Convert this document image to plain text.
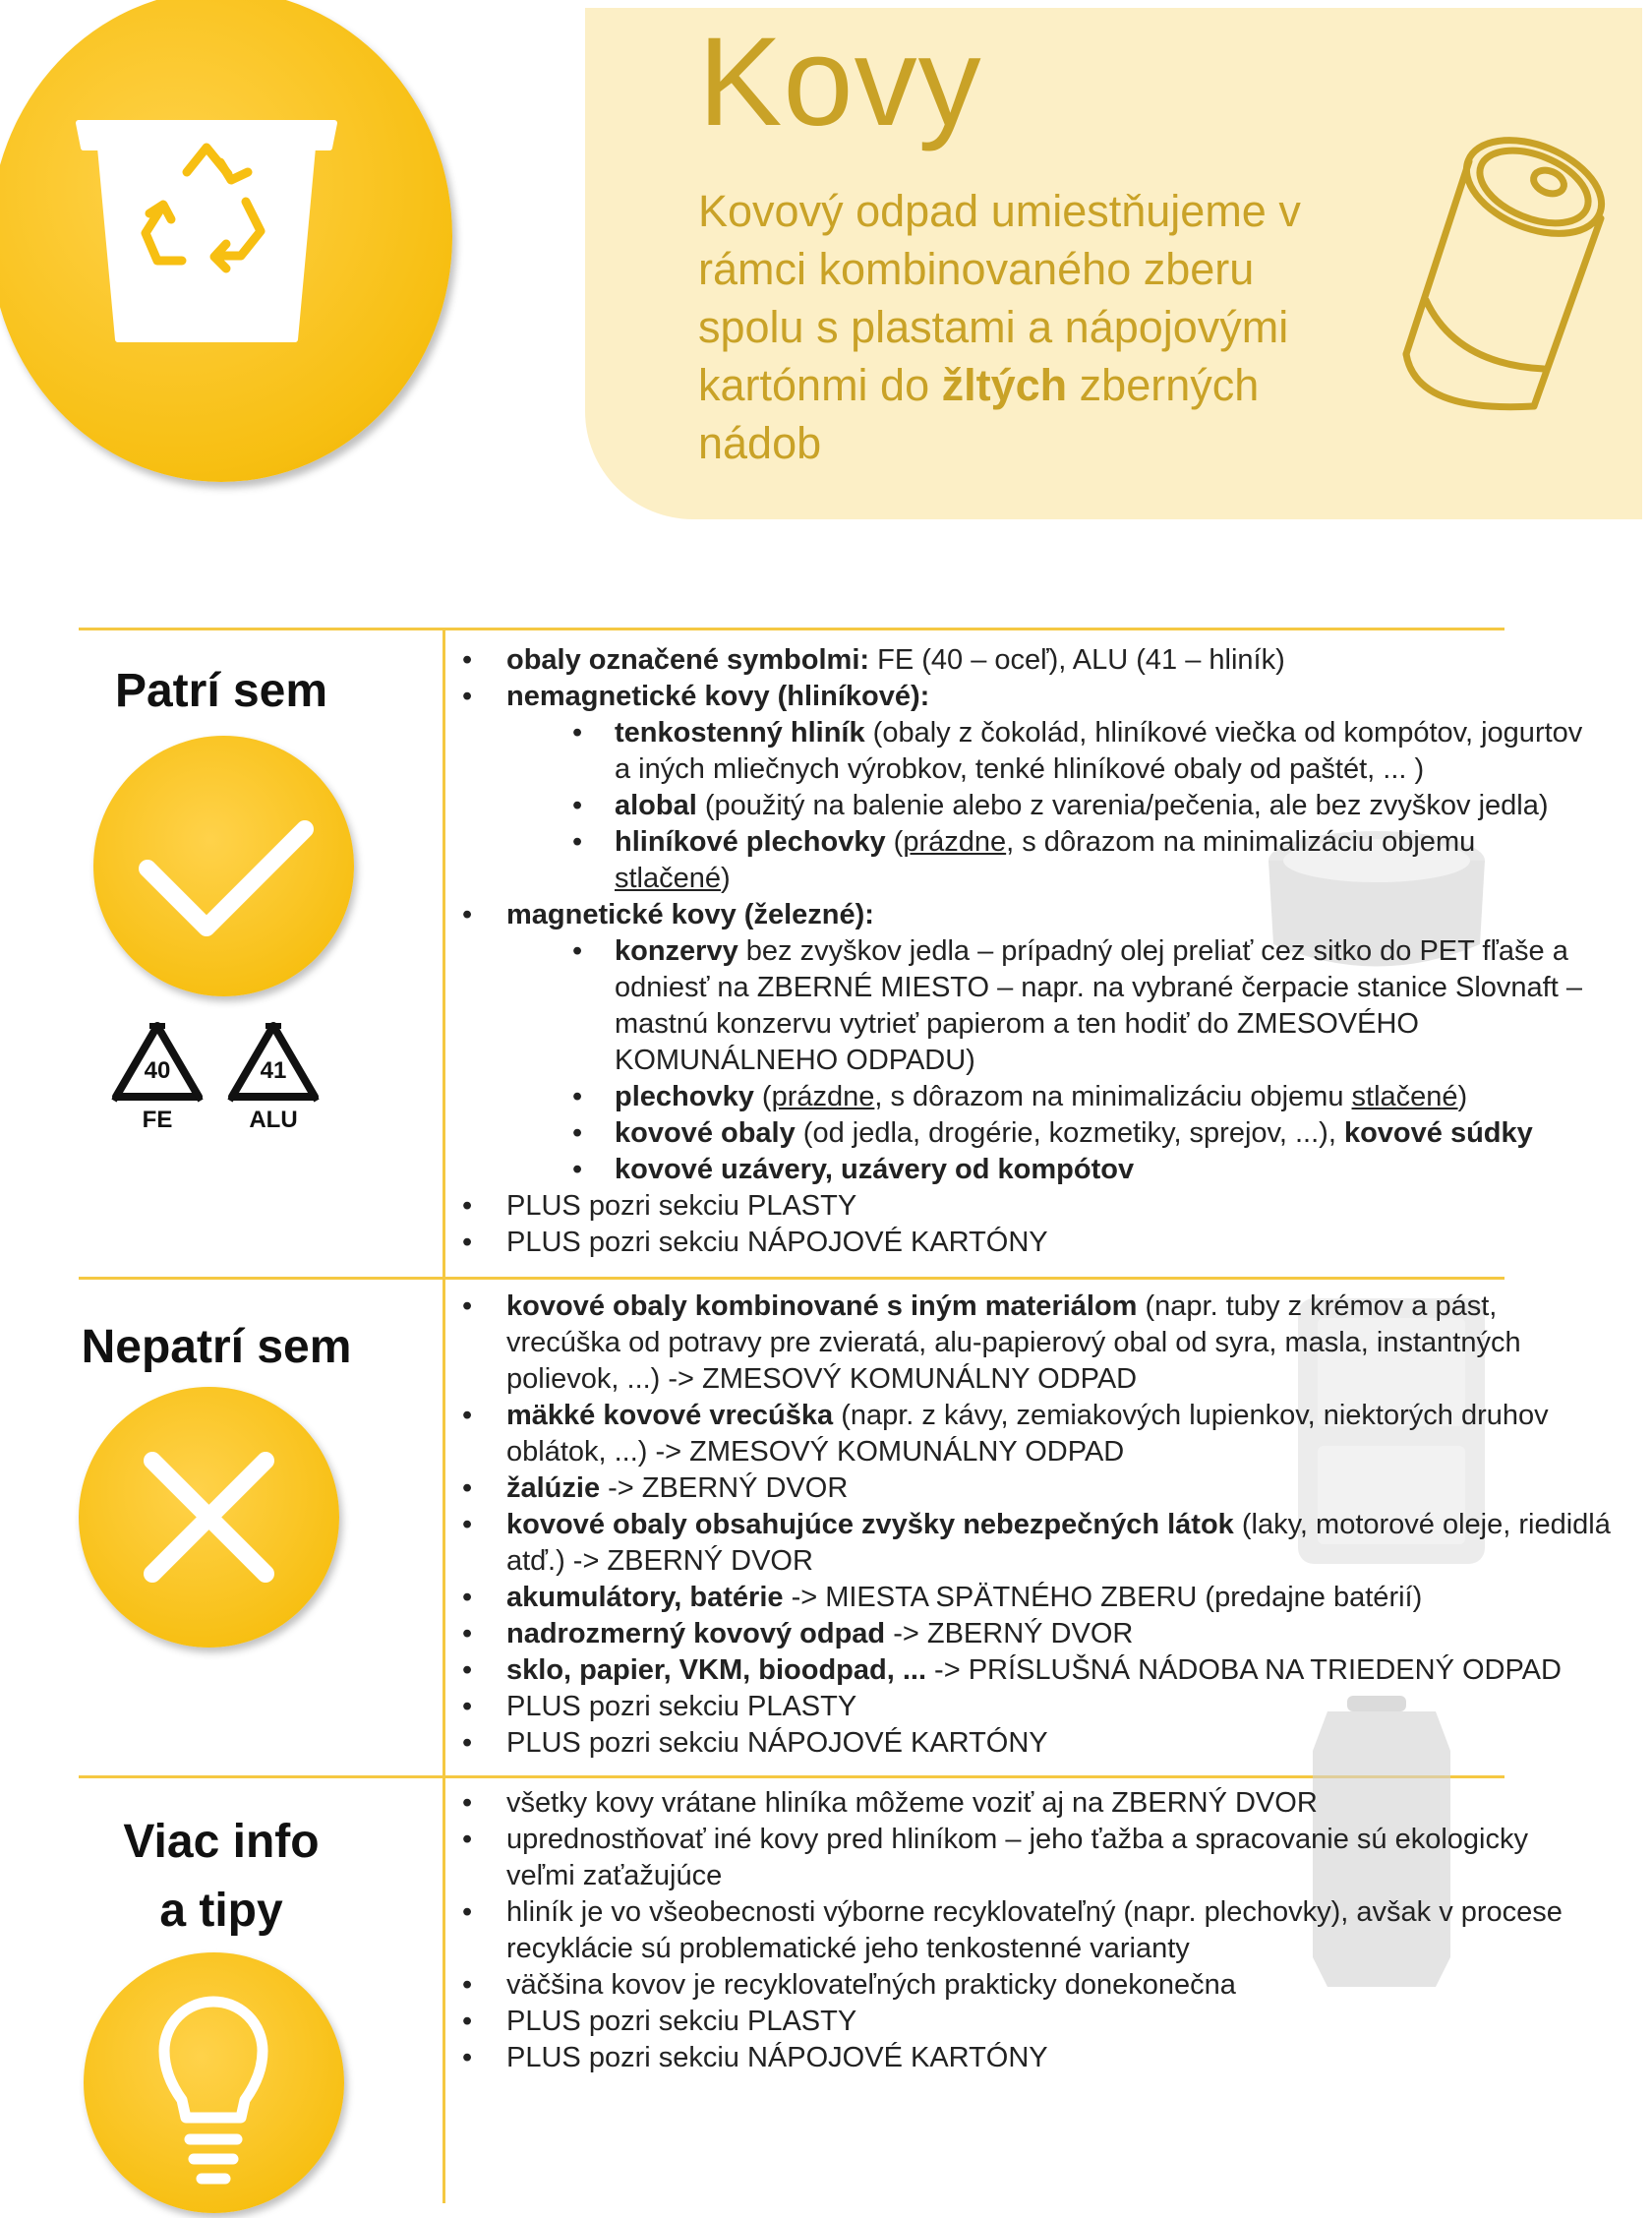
Kovy
Kovový odpad umiestňujeme v rámci kombinovaného zberu spolu s plastami a nápojovými kartónmi do žltých zberných nádob
Patrí sem
40
FE
41
ALU
• obaly označené symbolmi: FE (40 – oceľ), ALU (41 – hliník)
• nemagnetické kovy (hliníkové):
• tenkostenný hliník (obaly z čokolád, hliníkové viečka od kompótov, jogurtov a iných mliečnych výrobkov, tenké hliníkové obaly od paštét, ... )
• alobal (použitý na balenie alebo z varenia/pečenia, ale bez zvyškov jedla)
• hliníkové plechovky (prázdne, s dôrazom na minimalizáciu objemu stlačené)
• magnetické kovy (železné):
• konzervy bez zvyškov jedla – prípadný olej preliať cez sitko do PET fľaše a odniesť na ZBERNÉ MIESTO – napr. na vybrané čerpacie stanice Slovnaft – mastnú konzervu vytrieť papierom a ten hodiť do ZMESOVÉHO KOMUNÁLNEHO ODPADU)
• plechovky (prázdne, s dôrazom na minimalizáciu objemu stlačené)
• kovové obaly (od jedla, drogérie, kozmetiky, sprejov, ...), kovové súdky
• kovové uzávery, uzávery od kompótov
• PLUS pozri sekciu PLASTY
• PLUS pozri sekciu NÁPOJOVÉ KARTÓNY
Nepatrí sem
• kovové obaly kombinované s iným materiálom (napr. tuby z krémov a pást, vrecúška od potravy pre zvieratá, alu-papierový obal od syra, masla, instantných polievok, ...) -> ZMESOVÝ KOMUNÁLNY ODPAD
• mäkké kovové vrecúška (napr. z kávy, zemiakových lupienkov, niektorých druhov oblátok, ...) -> ZMESOVÝ KOMUNÁLNY ODPAD
• žalúzie -> ZBERNÝ DVOR
• kovové obaly obsahujúce zvyšky nebezpečných látok (laky, motorové oleje, riedidlá atď.) -> ZBERNÝ DVOR
• akumulátory, batérie -> MIESTA SPÄTNÉHO ZBERU (predajne batérií)
• nadrozmerný kovový odpad -> ZBERNÝ DVOR
• sklo, papier, VKM, bioodpad, ... -> PRÍSLUŠNÁ NÁDOBA NA TRIEDENÝ ODPAD
• PLUS pozri sekciu PLASTY
• PLUS pozri sekciu NÁPOJOVÉ KARTÓNY
Viac info
a tipy
• všetky kovy vrátane hliníka môžeme voziť aj na ZBERNÝ DVOR
• uprednostňovať iné kovy pred hliníkom – jeho ťažba a spracovanie sú ekologicky veľmi zaťažujúce
• hliník je vo všeobecnosti výborne recyklovateľný (napr. plechovky), avšak v procese recyklácie sú problematické jeho tenkostenné varianty
• väčšina kovov je recyklovateľných prakticky donekonečna
• PLUS pozri sekciu PLASTY
• PLUS pozri sekciu NÁPOJOVÉ KARTÓNY
